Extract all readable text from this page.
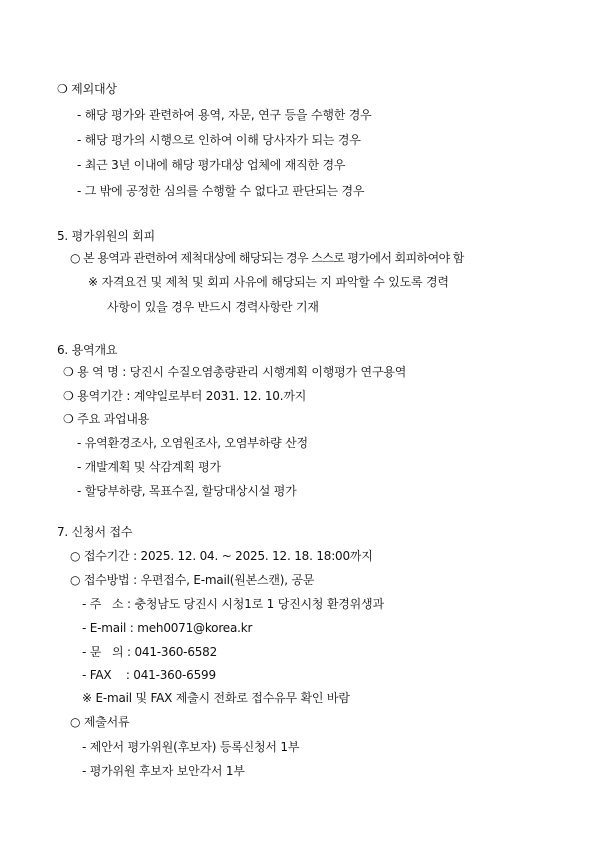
❍ 제외대상
- 해당 평가와 관련하여 용역, 자문, 연구 등을 수행한 경우
- 해당 평가의 시행으로 인하여 이해 당사자가 되는 경우
- 최근 3년 이내에 해당 평가대상 업체에 재직한 경우
- 그 밖에 공정한 심의를 수행할 수 없다고 판단되는 경우
5. 평가위원의 회피
○ 본 용역과 관련하여 제척대상에 해당되는 경우 스스로 평가에서 회피하여야 함
※ 자격요건 및 제척 및 회피 사유에 해당되는 지 파악할 수 있도록 경력
사항이 있을 경우 반드시 경력사항란 기재
6. 용역개요
❍ 용 역 명 : 당진시 수질오염총량관리 시행계획 이행평가 연구용역
❍ 용역기간 : 계약일로부터 2031. 12. 10.까지
❍ 주요 과업내용
- 유역환경조사, 오염원조사, 오염부하량 산정
- 개발계획 및 삭감계획 평가
- 할당부하량, 목표수질, 할당대상시설 평가
7. 신청서 접수
○ 접수기간 : 2025. 12. 04. ~ 2025. 12. 18. 18:00까지
○ 접수방법 : 우편접수, E-mail(원본스캔), 공문
- 주   소 : 충청남도 당진시 시청1로 1 당진시청 환경위생과
- E-mail : meh0071@korea.kr
- 문   의 : 041-360-6582
- FAX    : 041-360-6599
※ E-mail 및 FAX 제출시 전화로 접수유무 확인 바람
○ 제출서류
- 제안서 평가위원(후보자) 등록신청서 1부
- 평가위원 후보자 보안각서 1부
